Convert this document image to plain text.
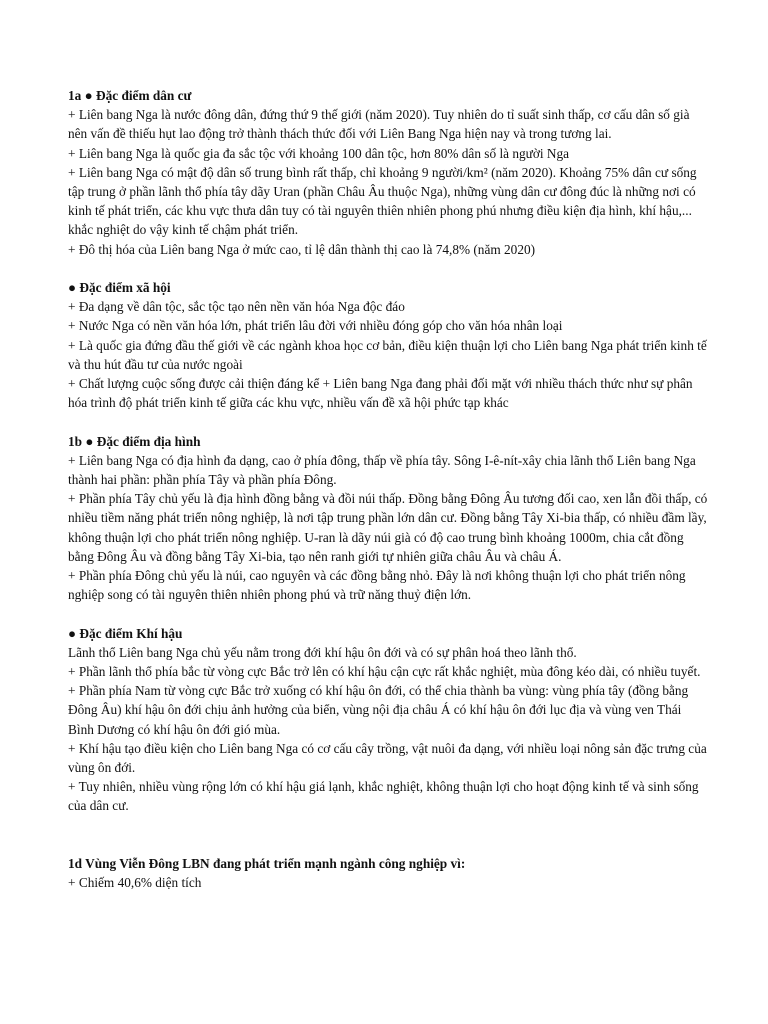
1a ● Đặc điểm dân cư

+ Liên bang Nga là nước đông dân, đứng thứ 9 thế giới (năm 2020). Tuy nhiên do tỉ suất sinh thấp, cơ cấu dân số già nên vấn đề thiếu hụt lao động trở thành thách thức đối với Liên Bang Nga hiện nay và trong tương lai.

+ Liên bang Nga là quốc gia đa sắc tộc với khoảng 100 dân tộc, hơn 80% dân số là người Nga

+ Liên bang Nga có mật độ dân số trung bình rất thấp, chỉ khoảng 9 người/km² (năm 2020). Khoảng 75% dân cư sống tập trung ở phần lãnh thổ phía tây dãy Uran (phần Châu Âu thuộc Nga), những vùng dân cư đông đúc là những nơi có kinh tế phát triển, các khu vực thưa dân tuy có tài nguyên thiên nhiên phong phú nhưng điều kiện địa hình, khí hậu,... khắc nghiệt do vậy kinh tế chậm phát triển.

+ Đô thị hóa của Liên bang Nga ở mức cao, tỉ lệ dân thành thị cao là 74,8% (năm 2020)

● Đặc điểm xã hội

+ Đa dạng về dân tộc, sắc tộc tạo nên nền văn hóa Nga độc đáo

+ Nước Nga có nền văn hóa lớn, phát triển lâu đời với nhiều đóng góp cho văn hóa nhân loại

+ Là quốc gia đứng đầu thế giới về các ngành khoa học cơ bản, điều kiện thuận lợi cho Liên bang Nga phát triển kinh tế và thu hút đầu tư của nước ngoài

+ Chất lượng cuộc sống được cải thiện đáng kể + Liên bang Nga đang phải đối mặt với nhiều thách thức như sự phân hóa trình độ phát triển kinh tế giữa các khu vực, nhiều vấn đề xã hội phức tạp khác

1b ● Đặc điểm địa hình

+ Liên bang Nga có địa hình đa dạng, cao ở phía đông, thấp về phía tây. Sông I-ê-nít-xây chia lãnh thổ Liên bang Nga thành hai phần: phần phía Tây và phần phía Đông.

+ Phần phía Tây chủ yếu là địa hình đồng bằng và đồi núi thấp. Đồng bằng Đông Âu tương đối cao, xen lẫn đồi thấp, có nhiều tiềm năng phát triển nông nghiệp, là nơi tập trung phần lớn dân cư. Đồng bằng Tây Xi-bia thấp, có nhiều đầm lầy, không thuận lợi cho phát triển nông nghiệp. U-ran là dãy núi già có độ cao trung bình khoảng 1000m, chia cắt đồng bằng Đông Âu và đồng bằng Tây Xi-bia, tạo nên ranh giới tự nhiên giữa châu Âu và châu Á.

+ Phần phía Đông chủ yếu là núi, cao nguyên và các đồng bằng nhỏ. Đây là nơi không thuận lợi cho phát triển nông nghiệp song có tài nguyên thiên nhiên phong phú và trữ năng thuỷ điện lớn.

● Đặc điểm Khí hậu

Lãnh thổ Liên bang Nga chủ yếu nằm trong đới khí hậu ôn đới và có sự phân hoá theo lãnh thổ.

+ Phần lãnh thổ phía bắc từ vòng cực Bắc trở lên có khí hậu cận cực rất khắc nghiệt, mùa đông kéo dài, có nhiều tuyết.

+ Phần phía Nam từ vòng cực Bắc trở xuống có khí hậu ôn đới, có thể chia thành ba vùng: vùng phía tây (đồng bằng Đông Âu) khí hậu ôn đới chịu ảnh hưởng của biển, vùng nội địa châu Á có khí hậu ôn đới lục địa và vùng ven Thái Bình Dương có khí hậu ôn đới gió mùa.

+ Khí hậu tạo điều kiện cho Liên bang Nga có cơ cấu cây trồng, vật nuôi đa dạng, với nhiều loại nông sản đặc trưng của vùng ôn đới.

+ Tuy nhiên, nhiều vùng rộng lớn có khí hậu giá lạnh, khắc nghiệt, không thuận lợi cho hoạt động kinh tế và sinh sống của dân cư.

1d Vùng Viễn Đông LBN đang phát triển mạnh ngành công nghiệp vì:

+ Chiếm 40,6% diện tích
